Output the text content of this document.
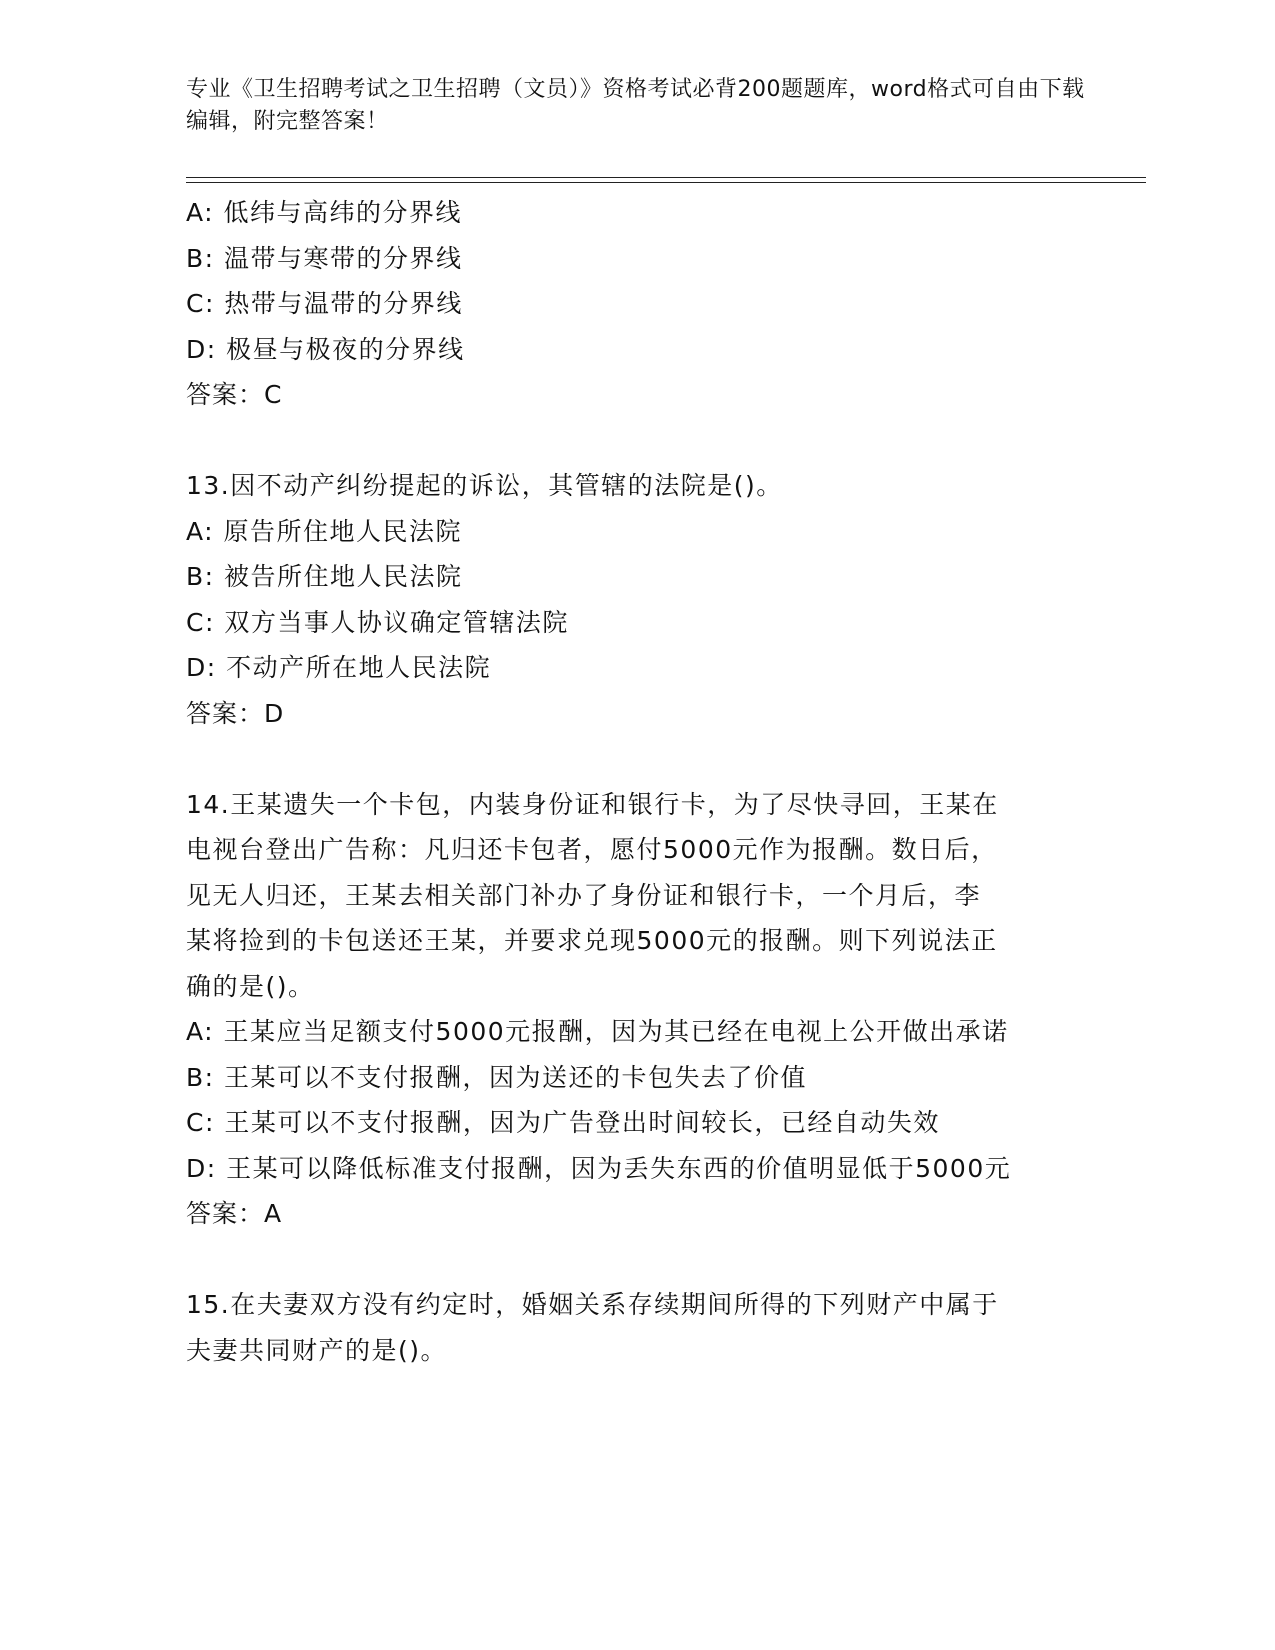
专业《卫生招聘考试之卫生招聘（文员）》资格考试必背200题题库，word格式可自由下载编辑，附完整答案！
A: 低纬与高纬的分界线
B: 温带与寒带的分界线
C: 热带与温带的分界线
D: 极昼与极夜的分界线
答案：C
13.因不动产纠纷提起的诉讼，其管辖的法院是()。
A: 原告所住地人民法院
B: 被告所住地人民法院
C: 双方当事人协议确定管辖法院
D: 不动产所在地人民法院
答案：D
14.王某遗失一个卡包，内装身份证和银行卡，为了尽快寻回，王某在
电视台登出广告称：凡归还卡包者，愿付5000元作为报酬。数日后，
见无人归还，王某去相关部门补办了身份证和银行卡，一个月后，李
某将捡到的卡包送还王某，并要求兑现5000元的报酬。则下列说法正
确的是()。
A: 王某应当足额支付5000元报酬，因为其已经在电视上公开做出承诺
B: 王某可以不支付报酬，因为送还的卡包失去了价值
C: 王某可以不支付报酬，因为广告登出时间较长，已经自动失效
D: 王某可以降低标准支付报酬，因为丢失东西的价值明显低于5000元
答案：A
15.在夫妻双方没有约定时，婚姻关系存续期间所得的下列财产中属于
夫妻共同财产的是()。
